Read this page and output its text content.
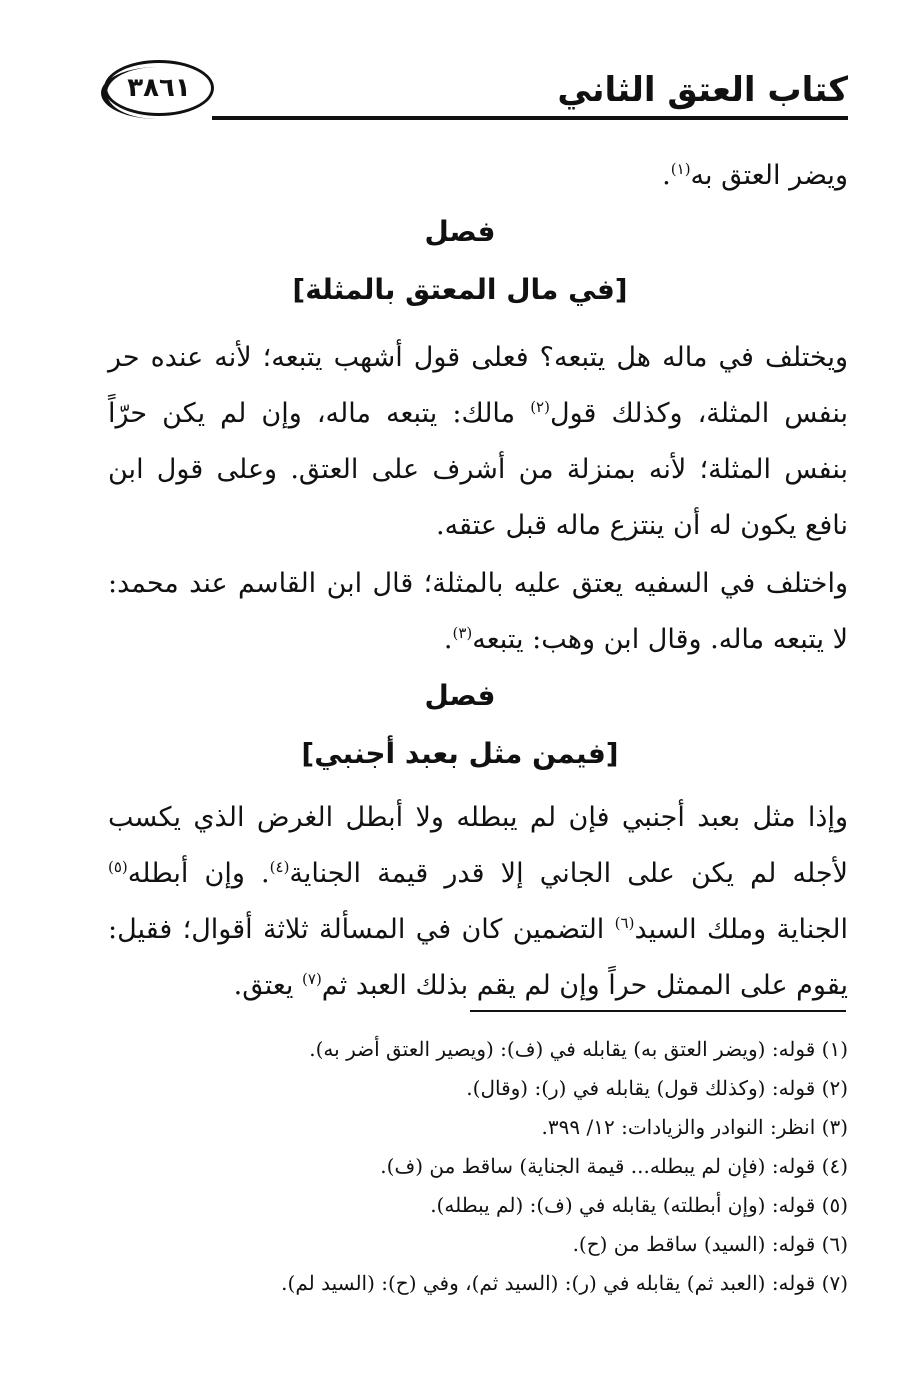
كتاب العتق الثاني
٣٨٦١
ويضر العتق به$^{(١)}$.
فصل
[في مال المعتق بالمثلة]
ويختلف في ماله هل يتبعه؟ فعلى قول أشهب يتبعه؛ لأنه عنده حر بنفس المثلة، وكذلك قول$^{(٢)}$ مالك: يتبعه ماله، وإن لم يكن حرّاً بنفس المثلة؛ لأنه بمنزلة من أشرف على العتق. وعلى قول ابن نافع يكون له أن ينتزع ماله قبل عتقه.
واختلف في السفيه يعتق عليه بالمثلة؛ قال ابن القاسم عند محمد: لا يتبعه ماله. وقال ابن وهب: يتبعه$^{(٣)}$.
فصل
[فيمن مثل بعبد أجنبي]
وإذا مثل بعبد أجنبي فإن لم يبطله ولا أبطل الغرض الذي يكسب لأجله لم يكن على الجاني إلا قدر قيمة الجناية$^{(٤)}$. وإن أبطله$^{(٥)}$ الجناية وملك السيد$^{(٦)}$ التضمين كان في المسألة ثلاثة أقوال؛ فقيل: يقوم على الممثل حراً وإن لم يقم بذلك العبد ثم$^{(٧)}$ يعتق.
(١) قوله: (ويضر العتق به) يقابله في (ف): (ويصير العتق أضر به).
(٢) قوله: (وكذلك قول) يقابله في (ر): (وقال).
(٣) انظر: النوادر والزيادات: ١٢/ ٣٩٩.
(٤) قوله: (فإن لم يبطله... قيمة الجناية) ساقط من (ف).
(٥) قوله: (وإن أبطلته) يقابله في (ف): (لم يبطله).
(٦) قوله: (السيد) ساقط من (ح).
(٧) قوله: (العبد ثم) يقابله في (ر): (السيد ثم)، وفي (ح): (السيد لم).
